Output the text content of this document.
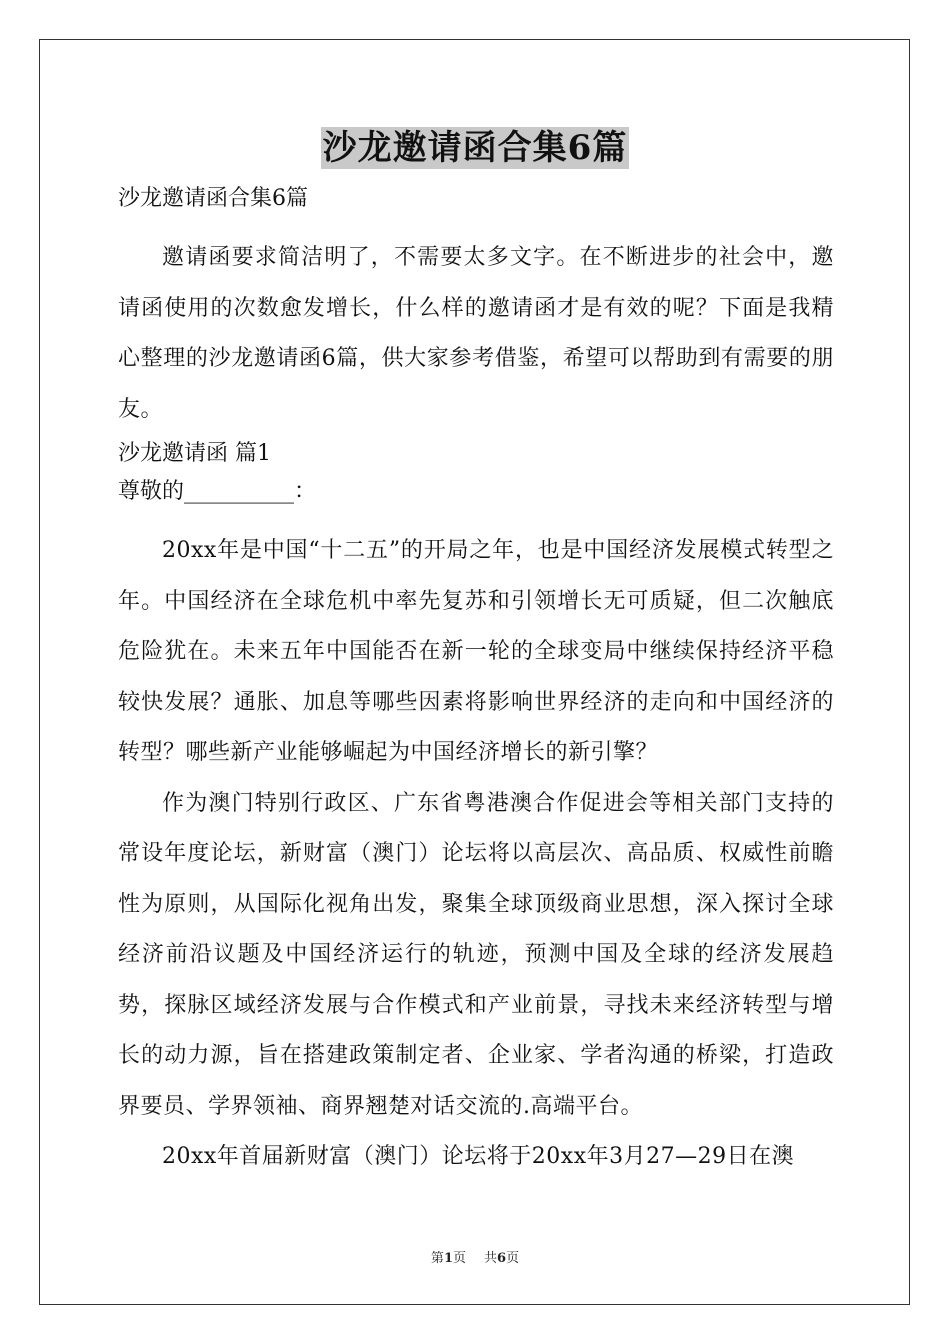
沙龙邀请函合集6篇

沙龙邀请函合集6篇

邀请函要求简洁明了，不需要太多文字。在不断进步的社会中，邀请函使用的次数愈发增长，什么样的邀请函才是有效的呢？下面是我精心整理的沙龙邀请函6篇，供大家参考借鉴，希望可以帮助到有需要的朋友。

沙龙邀请函 篇1

尊敬的__________：

20xx年是中国“十二五”的开局之年，也是中国经济发展模式转型之年。中国经济在全球危机中率先复苏和引领增长无可质疑，但二次触底危险犹在。未来五年中国能否在新一轮的全球变局中继续保持经济平稳较快发展？通胀、加息等哪些因素将影响世界经济的走向和中国经济的转型？哪些新产业能够崛起为中国经济增长的新引擎？

作为澳门特别行政区、广东省粤港澳合作促进会等相关部门支持的常设年度论坛，新财富（澳门）论坛将以高层次、高品质、权威性前瞻性为原则，从国际化视角出发，聚集全球顶级商业思想，深入探讨全球经济前沿议题及中国经济运行的轨迹，预测中国及全球的经济发展趋势，探脉区域经济发展与合作模式和产业前景，寻找未来经济转型与增长的动力源，旨在搭建政策制定者、企业家、学者沟通的桥梁，打造政界要员、学界领袖、商界翘楚对话交流的.高端平台。

20xx年首届新财富（澳门）论坛将于20xx年3月27—29日在澳

第1页 共6页
